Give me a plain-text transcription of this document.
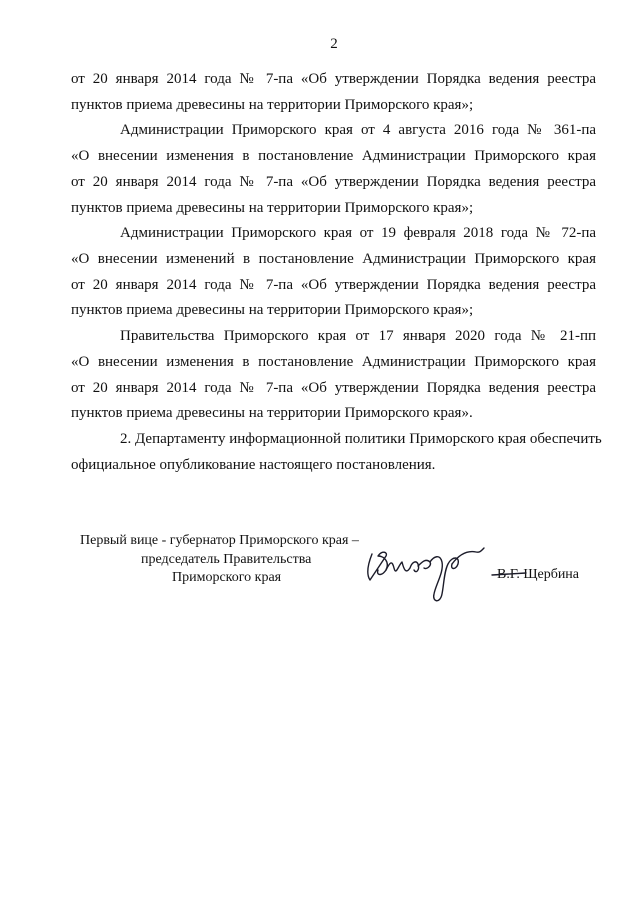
2
от 20 января 2014 года № 7-па «Об утверждении Порядка ведения реестра
пунктов приема древесины на территории Приморского края»;
Администрации Приморского края от 4 августа 2016 года № 361-па
«О внесении изменения в постановление Администрации Приморского края
от 20 января 2014 года № 7-па «Об утверждении Порядка ведения реестра
пунктов приема древесины на территории Приморского края»;
Администрации Приморского края от 19 февраля 2018 года № 72-па
«О внесении изменений в постановление Администрации Приморского края
от 20 января 2014 года № 7-па «Об утверждении Порядка ведения реестра
пунктов приема древесины на территории Приморского края»;
Правительства Приморского края от 17 января 2020 года № 21-пп
«О внесении изменения в постановление Администрации Приморского края
от 20 января 2014 года № 7-па «Об утверждении Порядка ведения реестра
пунктов приема древесины на территории Приморского края».
2. Департаменту информационной политики Приморского края обеспечить
официальное опубликование настоящего постановления.
Первый вице - губернатор Приморского края –
председатель Правительства
Приморского края	В.Г. Щербина
